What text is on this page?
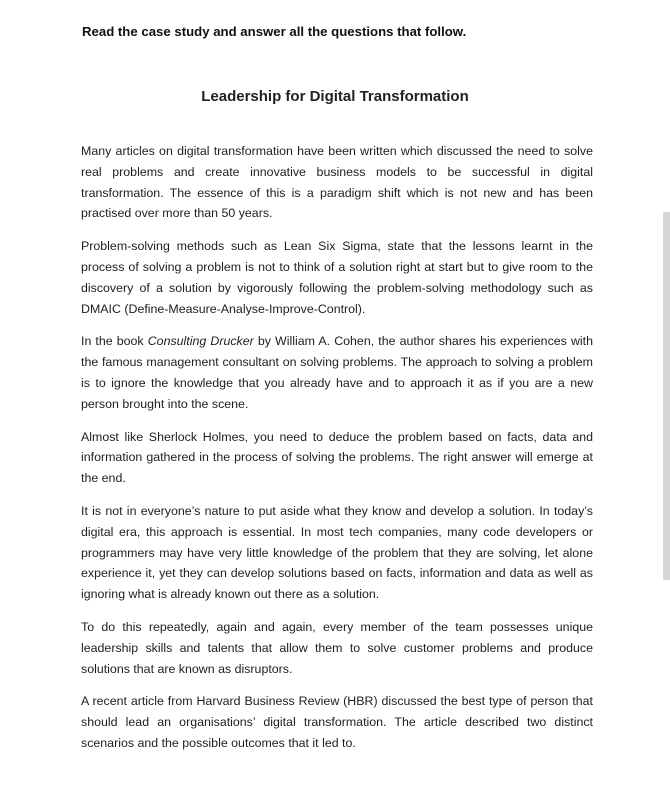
Read the case study and answer all the questions that follow.
Leadership for Digital Transformation

Many articles on digital transformation have been written which discussed the need to solve real problems and create innovative business models to be successful in digital transformation. The essence of this is a paradigm shift which is not new and has been practised over more than 50 years.

Problem-solving methods such as Lean Six Sigma, state that the lessons learnt in the process of solving a problem is not to think of a solution right at start but to give room to the discovery of a solution by vigorously following the problem-solving methodology such as DMAIC (Define-Measure-Analyse-Improve-Control).

In the book Consulting Drucker by William A. Cohen, the author shares his experiences with the famous management consultant on solving problems. The approach to solving a problem is to ignore the knowledge that you already have and to approach it as if you are a new person brought into the scene.

Almost like Sherlock Holmes, you need to deduce the problem based on facts, data and information gathered in the process of solving the problems. The right answer will emerge at the end.

It is not in everyone’s nature to put aside what they know and develop a solution. In today’s digital era, this approach is essential. In most tech companies, many code developers or programmers may have very little knowledge of the problem that they are solving, let alone experience it, yet they can develop solutions based on facts, information and data as well as ignoring what is already known out there as a solution.

To do this repeatedly, again and again, every member of the team possesses unique leadership skills and talents that allow them to solve customer problems and produce solutions that are known as disruptors.

A recent article from Harvard Business Review (HBR) discussed the best type of person that should lead an organisations’ digital transformation. The article described two distinct scenarios and the possible outcomes that it led to.
